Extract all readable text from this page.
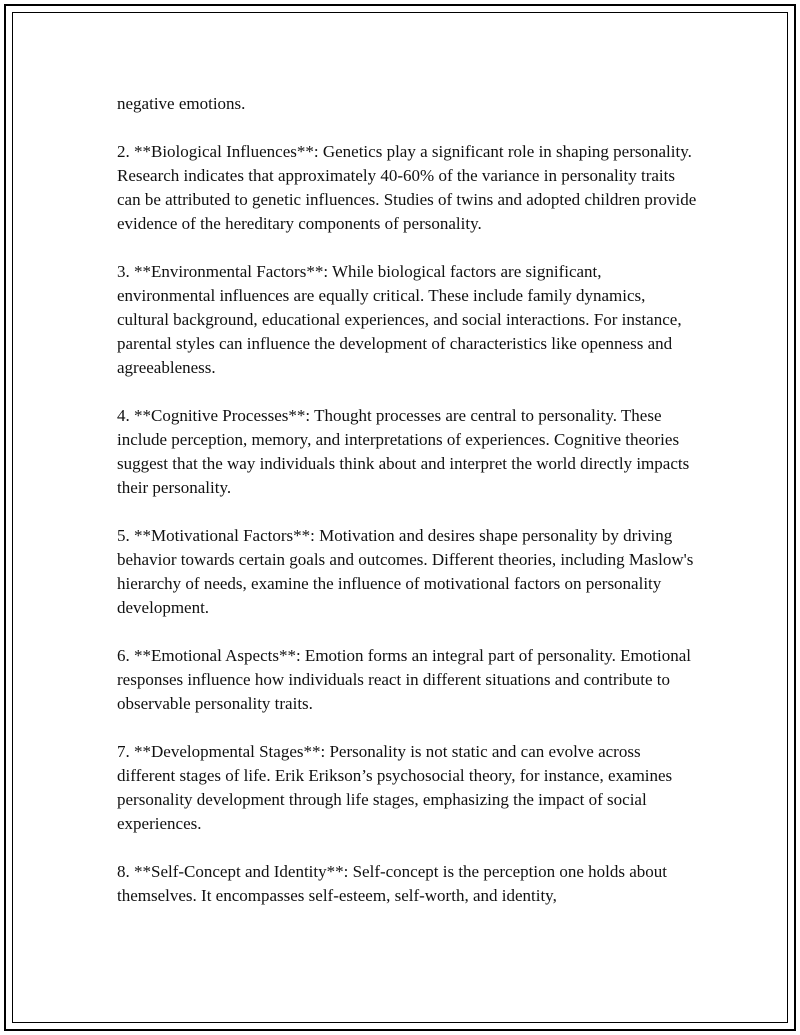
negative emotions.

2. **Biological Influences**: Genetics play a significant role in shaping personality. Research indicates that approximately 40-60% of the variance in personality traits can be attributed to genetic influences. Studies of twins and adopted children provide evidence of the hereditary components of personality.

3. **Environmental Factors**: While biological factors are significant, environmental influences are equally critical. These include family dynamics, cultural background, educational experiences, and social interactions. For instance, parental styles can influence the development of characteristics like openness and agreeableness.

4. **Cognitive Processes**: Thought processes are central to personality. These include perception, memory, and interpretations of experiences. Cognitive theories suggest that the way individuals think about and interpret the world directly impacts their personality.

5. **Motivational Factors**: Motivation and desires shape personality by driving behavior towards certain goals and outcomes. Different theories, including Maslow's hierarchy of needs, examine the influence of motivational factors on personality development.

6. **Emotional Aspects**: Emotion forms an integral part of personality. Emotional responses influence how individuals react in different situations and contribute to observable personality traits.

7. **Developmental Stages**: Personality is not static and can evolve across different stages of life. Erik Erikson’s psychosocial theory, for instance, examines personality development through life stages, emphasizing the impact of social experiences.

8. **Self-Concept and Identity**: Self-concept is the perception one holds about themselves. It encompasses self-esteem, self-worth, and identity,
